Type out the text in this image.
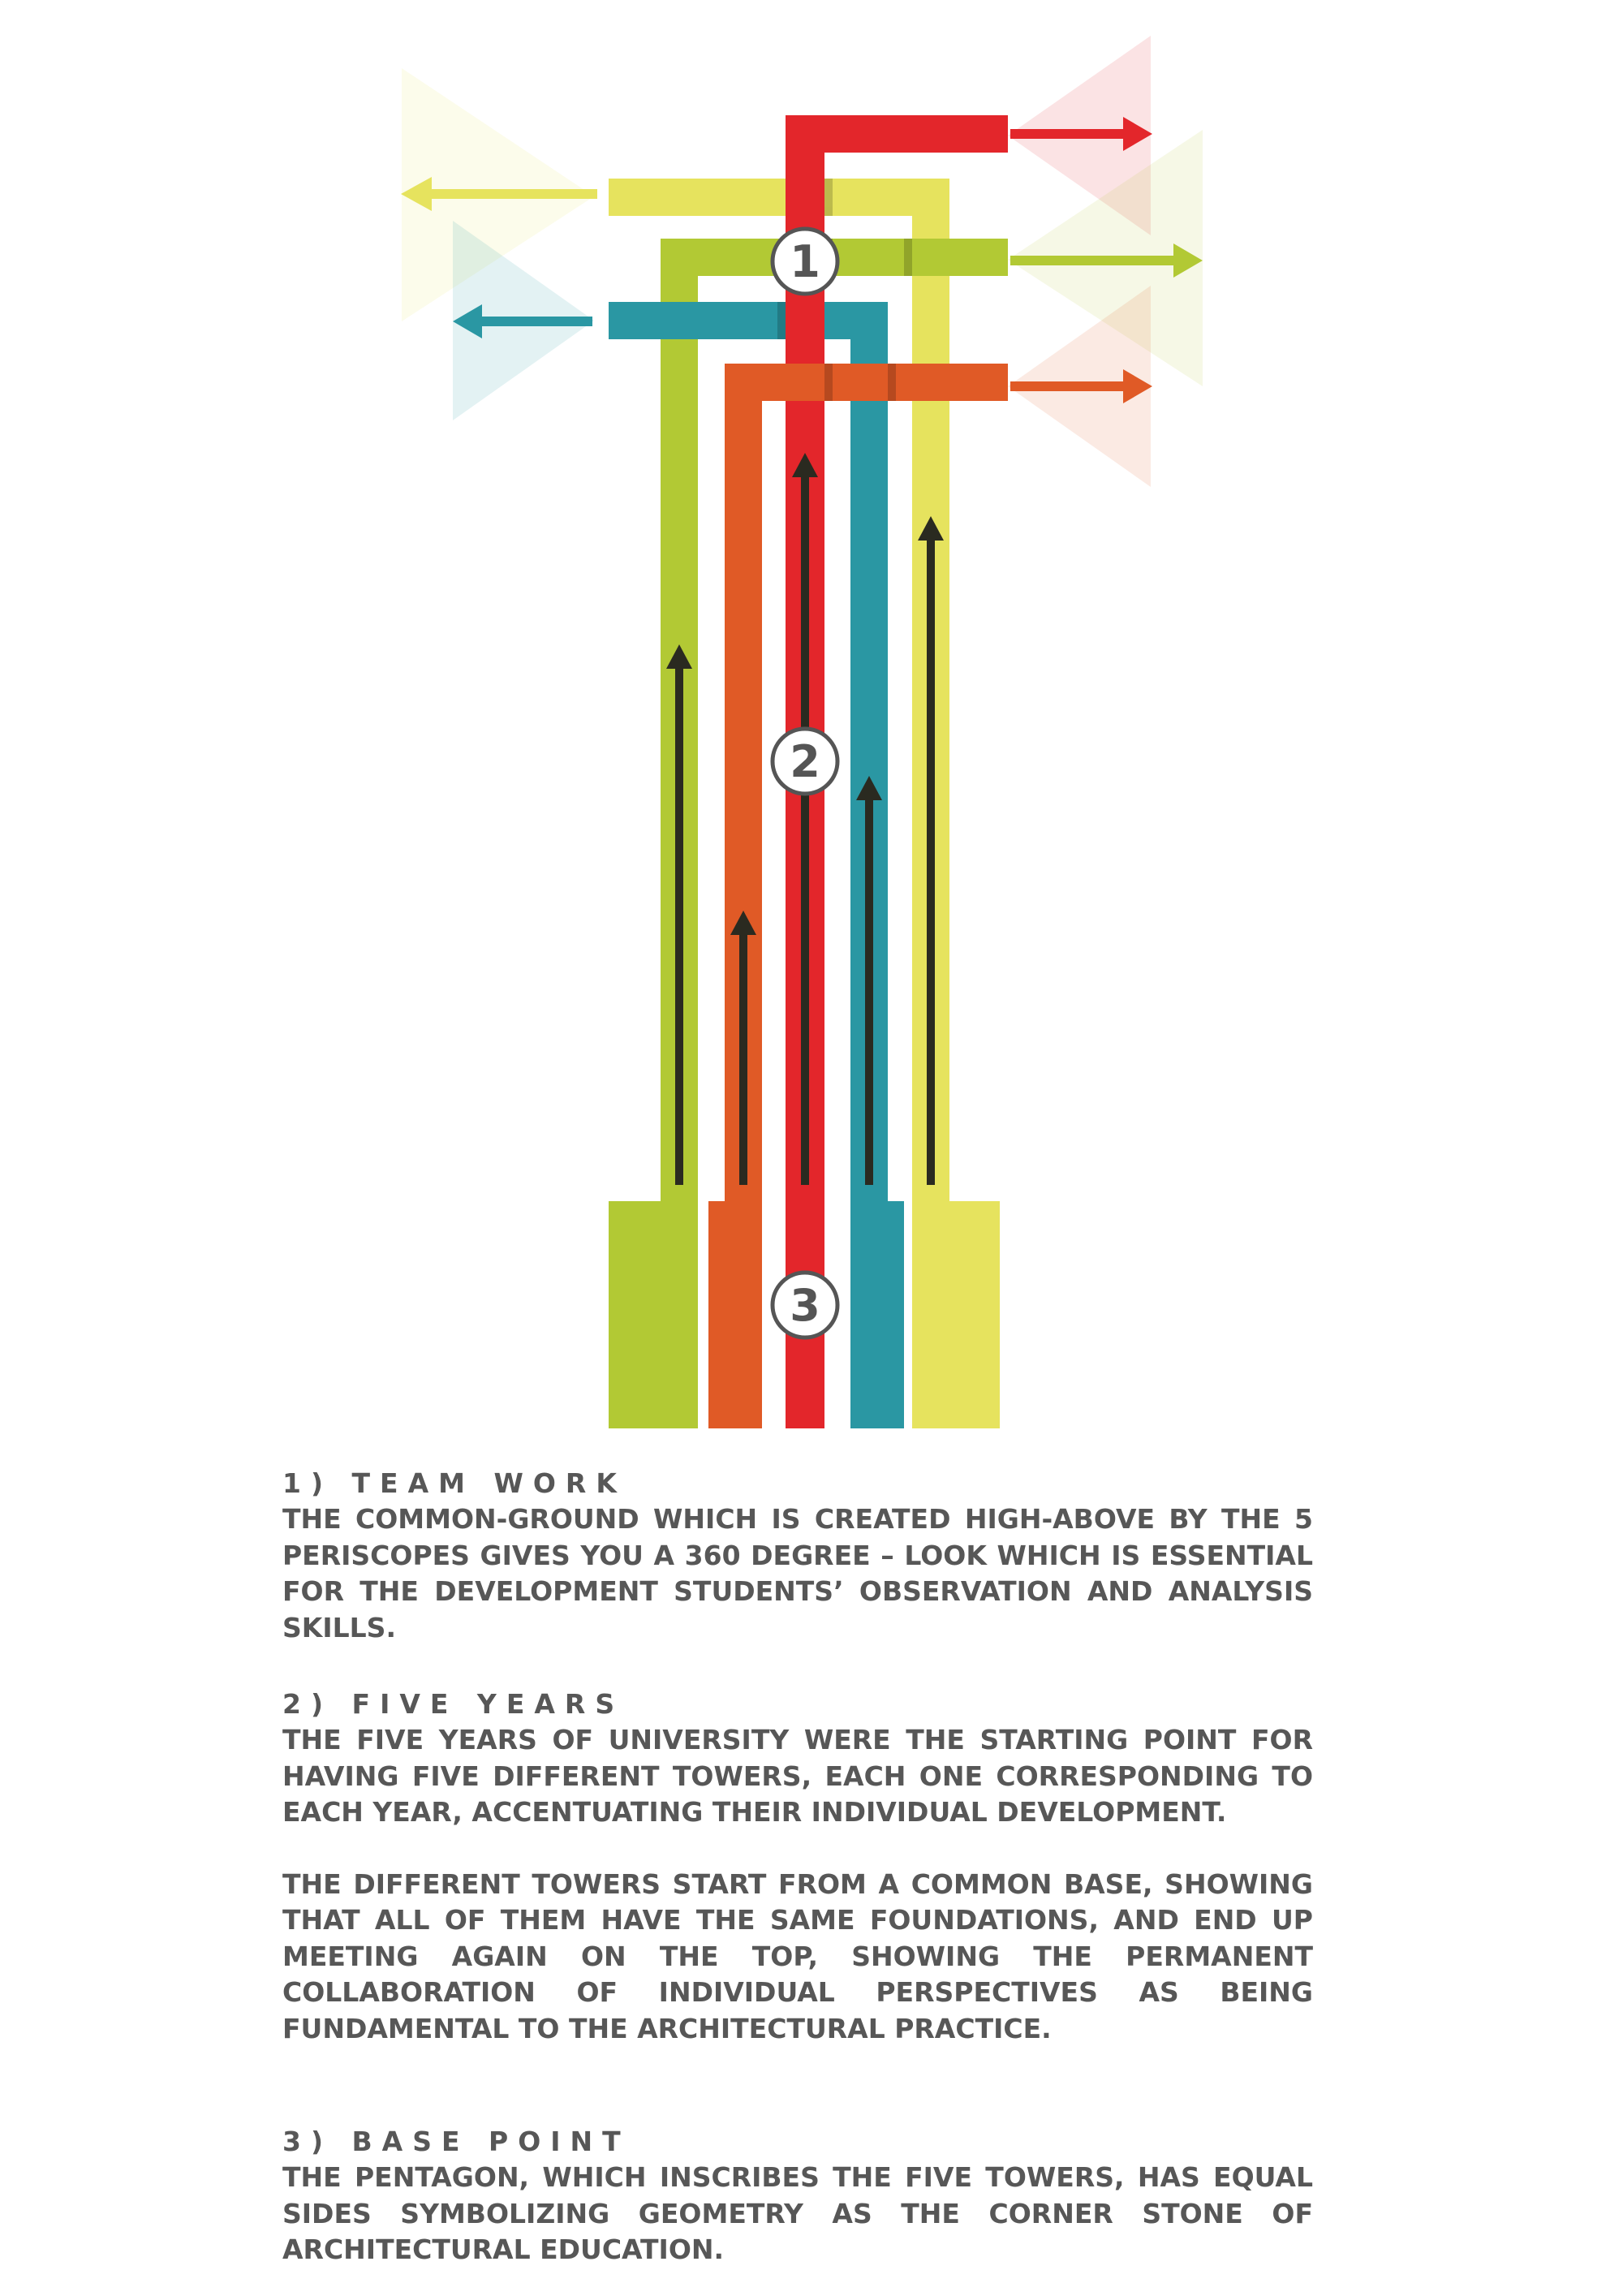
1
2
3

1) TEAM WORK

THE COMMON-GROUND WHICH IS CREATED HIGH-ABOVE BY THE 5 PERISCOPES GIVES YOU A 360 DEGREE – LOOK WHICH IS ESSENTIAL FOR THE DEVELOPMENT STUDENTS’ OBSERVATION AND ANALYSIS SKILLS.

2) FIVE YEARS

THE FIVE YEARS OF UNIVERSITY WERE THE STARTING POINT FOR HAVING FIVE DIFFERENT TOWERS, EACH ONE CORRESPONDING TO EACH YEAR, ACCENTUATING THEIR INDIVIDUAL DEVELOPMENT.

THE DIFFERENT TOWERS START FROM A COMMON BASE, SHOWING THAT ALL OF THEM HAVE THE SAME FOUNDATIONS, AND END UP MEETING AGAIN ON THE TOP, SHOWING THE PERMANENT COLLABORATION OF INDIVIDUAL PERSPECTIVES AS BEING FUNDAMENTAL TO THE ARCHITECTURAL PRACTICE.

3) BASE POINT

THE PENTAGON, WHICH INSCRIBES THE FIVE TOWERS, HAS EQUAL SIDES SYMBOLIZING GEOMETRY AS THE CORNER STONE OF ARCHITECTURAL EDUCATION.
